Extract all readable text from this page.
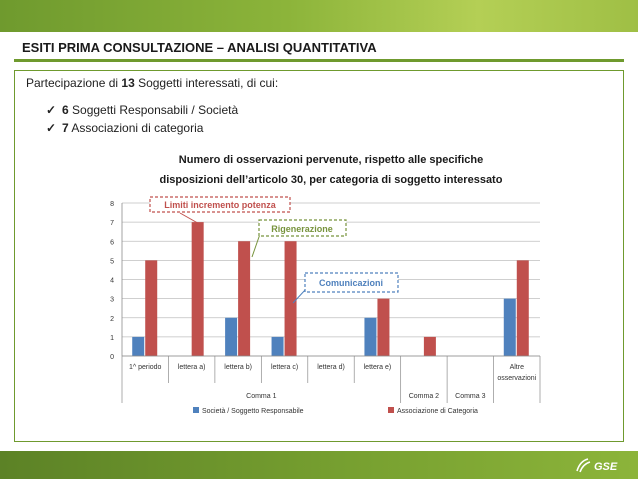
ESITI PRIMA CONSULTAZIONE – ANALISI QUANTITATIVA
Partecipazione di 13 Soggetti interessati, di cui:
✓ 6 Soggetti Responsabili / Società
✓ 7 Associazioni di categoria
Numero di osservazioni pervenute, rispetto alle specifiche
disposizioni dell’articolo 30, per categoria di soggetto interessato
0
1
2
3
4
5
6
7
8
1^ periodo lettera a)	lettera b)	lettera c)	lettera d)	lettera e)	Altre
osservazioni
Comma 1	Comma 2 Comma 3
Società / Soggetto Responsabile	Associazione di Categoria
Limiti incremento potenza
Rigenerazione
Comunicazioni
GSE
